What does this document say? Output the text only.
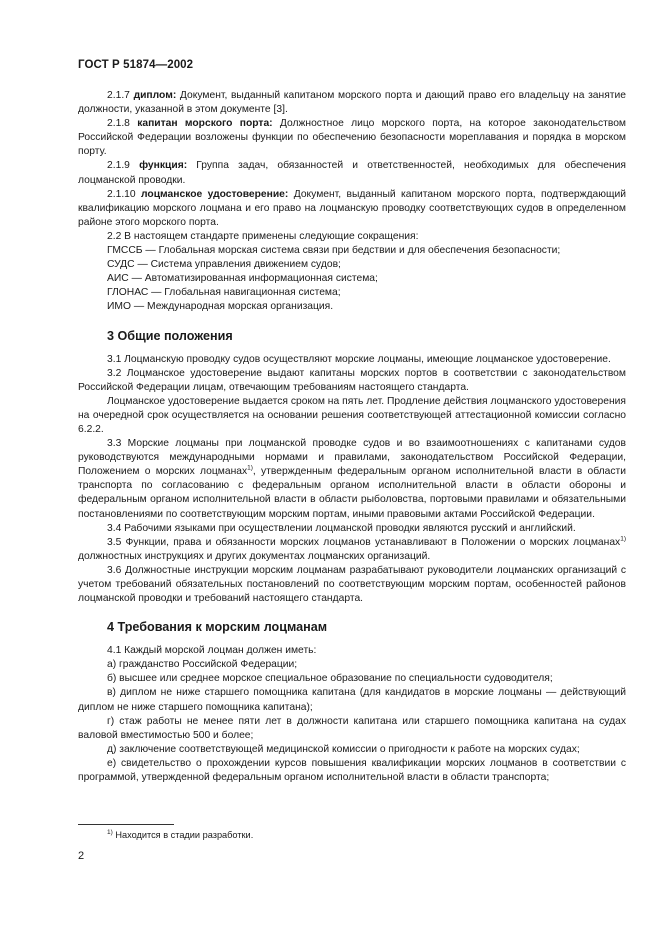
ГОСТ Р 51874—2002

2.1.7 диплом: Документ, выданный капитаном морского порта и дающий право его владельцу на занятие должности, указанной в этом документе [3].

2.1.8 капитан морского порта: Должностное лицо морского порта, на которое законодательством Российской Федерации возложены функции по обеспечению безопасности мореплавания и порядка в морском порту.

2.1.9 функция: Группа задач, обязанностей и ответственностей, необходимых для обеспечения лоцманской проводки.

2.1.10 лоцманское удостоверение: Документ, выданный капитаном морского порта, подтверждающий квалификацию морского лоцмана и его право на лоцманскую проводку соответствующих судов в определенном районе этого морского порта.

2.2 В настоящем стандарте применены следующие сокращения:

ГМССБ — Глобальная морская система связи при бедствии и для обеспечения безопасности;

СУДС — Система управления движением судов;

АИС — Автоматизированная информационная система;

ГЛОНАС — Глобальная навигационная система;

ИМО — Международная морская организация.

3 Общие положения

3.1 Лоцманскую проводку судов осуществляют морские лоцманы, имеющие лоцманское удостоверение.

3.2 Лоцманское удостоверение выдают капитаны морских портов в соответствии с законодательством Российской Федерации лицам, отвечающим требованиям настоящего стандарта.

Лоцманское удостоверение выдается сроком на пять лет. Продление действия лоцманского удостоверения на очередной срок осуществляется на основании решения соответствующей аттестационной комиссии согласно 6.2.2.

3.3 Морские лоцманы при лоцманской проводке судов и во взаимоотношениях с капитанами судов руководствуются международными нормами и правилами, законодательством Российской Федерации, Положением о морских лоцманах$^{1)}$, утвержденным федеральным органом исполнительной власти в области транспорта по согласованию с федеральным органом исполнительной власти в области обороны и федеральным органом исполнительной власти в области рыболовства, портовыми правилами и обязательными постановлениями по соответствующим морским портам, иными правовыми актами Российской Федерации.

3.4 Рабочими языками при осуществлении лоцманской проводки являются русский и английский.

3.5 Функции, права и обязанности морских лоцманов устанавливают в Положении о морских лоцманах$^{1)}$ должностных инструкциях и других документах лоцманских организаций.

3.6 Должностные инструкции морским лоцманам разрабатывают руководители лоцманских организаций с учетом требований обязательных постановлений по соответствующим морским портам, особенностей районов лоцманской проводки и требований настоящего стандарта.

4 Требования к морским лоцманам

4.1 Каждый морской лоцман должен иметь:

а) гражданство Российской Федерации;

б) высшее или среднее морское специальное образование по специальности судоводителя;

в) диплом не ниже старшего помощника капитана (для кандидатов в морские лоцманы — действующий диплом не ниже старшего помощника капитана);

г) стаж работы не менее пяти лет в должности капитана или старшего помощника капитана на судах валовой вместимостью 500 и более;

д) заключение соответствующей медицинской комиссии о пригодности к работе на морских судах;

е) свидетельство о прохождении курсов повышения квалификации морских лоцманов в соответствии с программой, утвержденной федеральным органом исполнительной власти в области транспорта;

$^{1)}$ Находится в стадии разработки.
2
